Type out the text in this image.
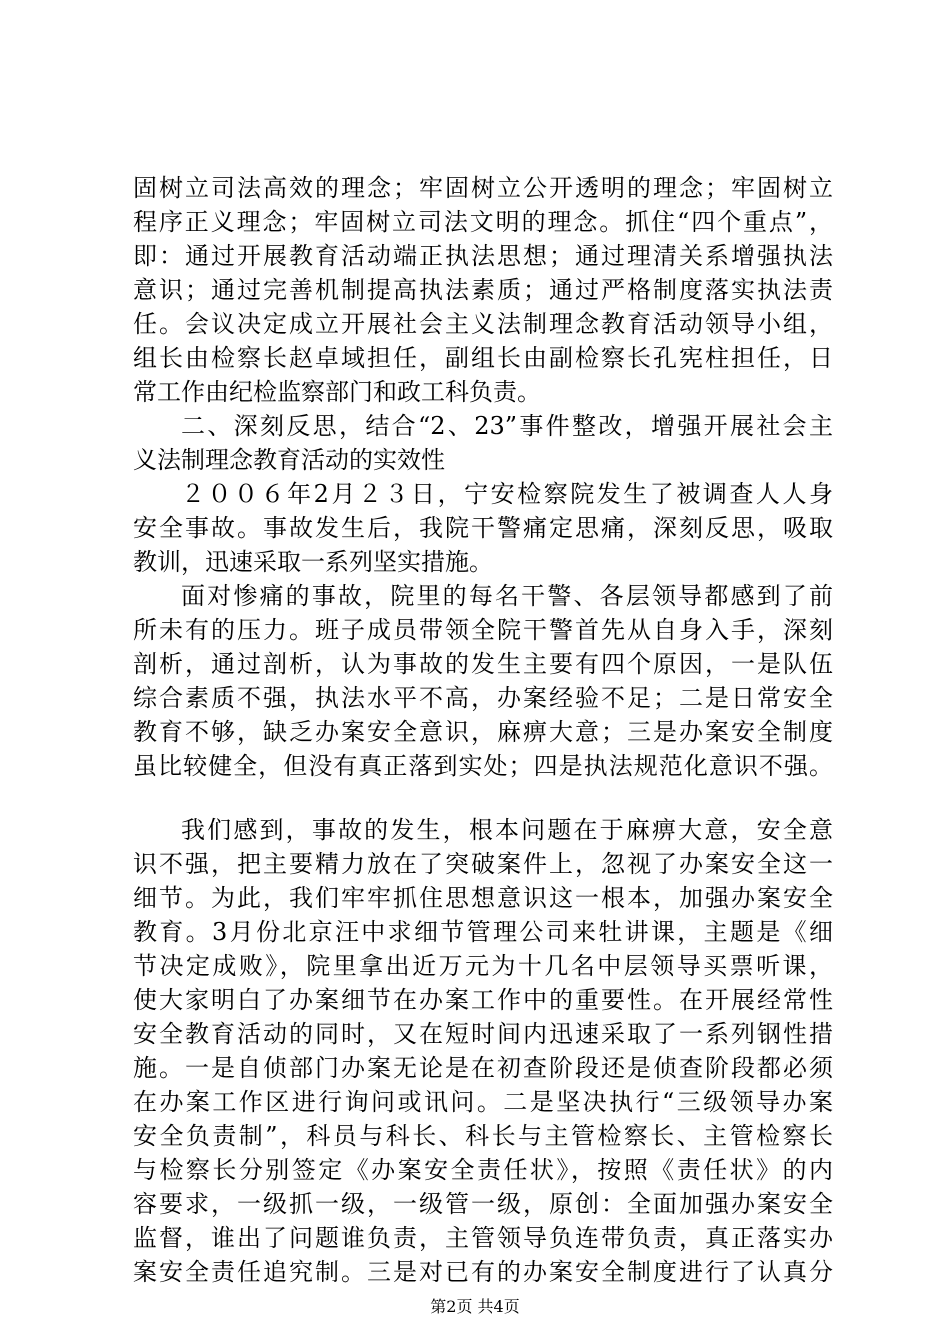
固树立司法高效的理念；牢固树立公开透明的理念；牢固树立
程序正义理念；牢固树立司法文明的理念。抓住“四个重点”，
即：通过开展教育活动端正执法思想；通过理清关系增强执法
意识；通过完善机制提高执法素质；通过严格制度落实执法责
任。会议决定成立开展社会主义法制理念教育活动领导小组，
组长由检察长赵卓域担任，副组长由副检察长孔宪柱担任，日
常工作由纪检监察部门和政工科负责。
二、深刻反思，结合“2、23”事件整改，增强开展社会主
义法制理念教育活动的实效性
２００６年2月２３日，宁安检察院发生了被调查人人身
安全事故。事故发生后，我院干警痛定思痛，深刻反思，吸取
教训，迅速采取一系列坚实措施。
面对惨痛的事故，院里的每名干警、各层领导都感到了前
所未有的压力。班子成员带领全院干警首先从自身入手，深刻
剖析，通过剖析，认为事故的发生主要有四个原因，一是队伍
综合素质不强，执法水平不高，办案经验不足；二是日常安全
教育不够，缺乏办案安全意识，麻痹大意；三是办案安全制度
虽比较健全，但没有真正落到实处；四是执法规范化意识不强。
我们感到，事故的发生，根本问题在于麻痹大意，安全意
识不强，把主要精力放在了突破案件上，忽视了办案安全这一
细节。为此，我们牢牢抓住思想意识这一根本，加强办案安全
教育。3月份北京汪中求细节管理公司来牡讲课，主题是《细
节决定成败》，院里拿出近万元为十几名中层领导买票听课，
使大家明白了办案细节在办案工作中的重要性。在开展经常性
安全教育活动的同时，又在短时间内迅速采取了一系列钢性措
施。一是自侦部门办案无论是在初查阶段还是侦查阶段都必须
在办案工作区进行询问或讯问。二是坚决执行“三级领导办案
安全负责制”，科员与科长、科长与主管检察长、主管检察长
与检察长分别签定《办案安全责任状》，按照《责任状》的内
容要求，一级抓一级，一级管一级，原创：全面加强办案安全
监督，谁出了问题谁负责，主管领导负连带负责，真正落实办
案安全责任追究制。三是对已有的办案安全制度进行了认真分
第2页 共4页
